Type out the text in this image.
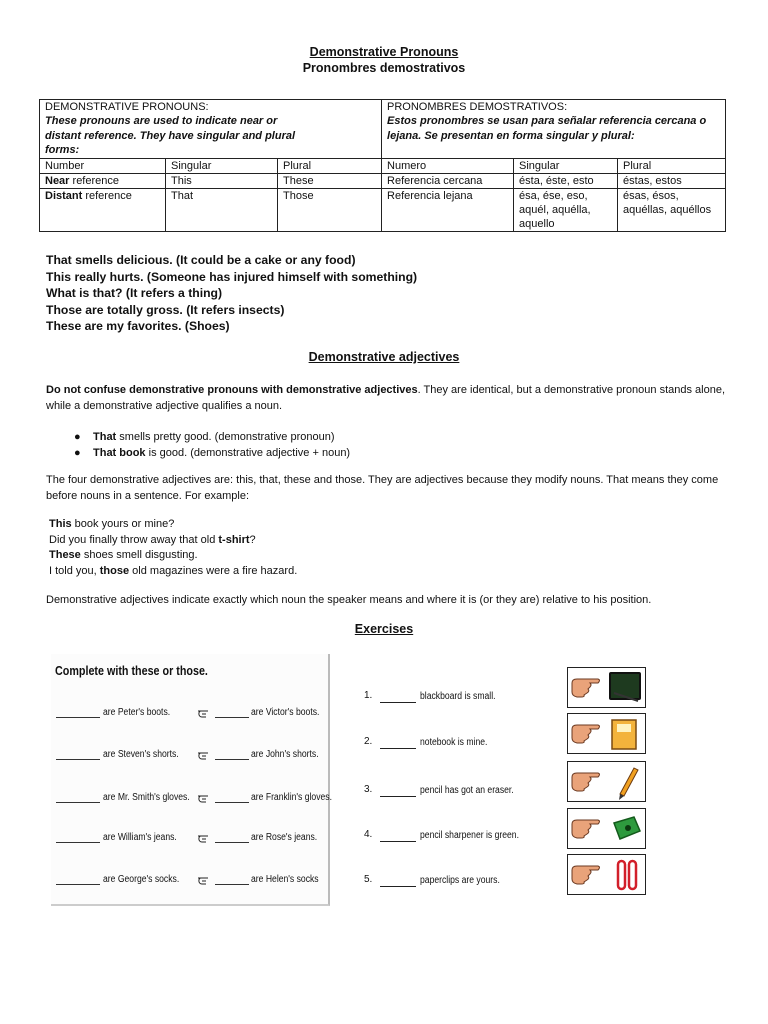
Demonstrative Pronouns
Pronombres demostrativos
DEMONSTRATIVE PRONOUNS:			PRONOMBRES DEMOSTRATIVOS:		
These pronouns are used to indicate near or distant reference. They have singular and plural forms:			Estos pronombres se usan para señalar referencia cercana o lejana. Se presentan en forma singular y plural:		
Number	Singular	Plural	Numero	Singular	Plural
Near reference	This	These	Referencia cercana	ésta, éste, esto	éstas, estos
Distant reference	That	Those	Referencia lejana	ésa, ése, eso, aquél, aquélla, aquello	ésas, ésos, aquéllas, aquéllos
That smells delicious. (It could be a cake or any food)
This really hurts. (Someone has injured himself with something)
What is that? (It refers a thing)
Those are totally gross. (It refers insects)
These are my favorites. (Shoes)
Demonstrative adjectives
Do not confuse demonstrative pronouns with demonstrative adjectives. They are identical, but a demonstrative pronoun stands alone, while a demonstrative adjective qualifies a noun.
● That smells pretty good. (demonstrative pronoun)
● That book is good. (demonstrative adjective + noun)
The four demonstrative adjectives are: this, that, these and those. They are adjectives because they modify nouns. That means they come before nouns in a sentence. For example:
This book yours or mine?
Did you finally throw away that old t-shirt?
These shoes smell disgusting.
I told you, those old magazines were a fire hazard.
Demonstrative adjectives indicate exactly which noun the speaker means and where it is (or they are) relative to his position.
Exercises
Complete with these or those.
are Peter's boots.	are Victor's boots.
are Steven's shorts.	are John's shorts.
are Mr. Smith's gloves.	are Franklin's gloves.
are William's jeans.	are Rose's jeans.
are George's socks.	are Helen's socks
1.	blackboard is small.
2.	notebook is mine.
3.	pencil has got an eraser.
4.	pencil sharpener is green.
5.	paperclips are yours.
